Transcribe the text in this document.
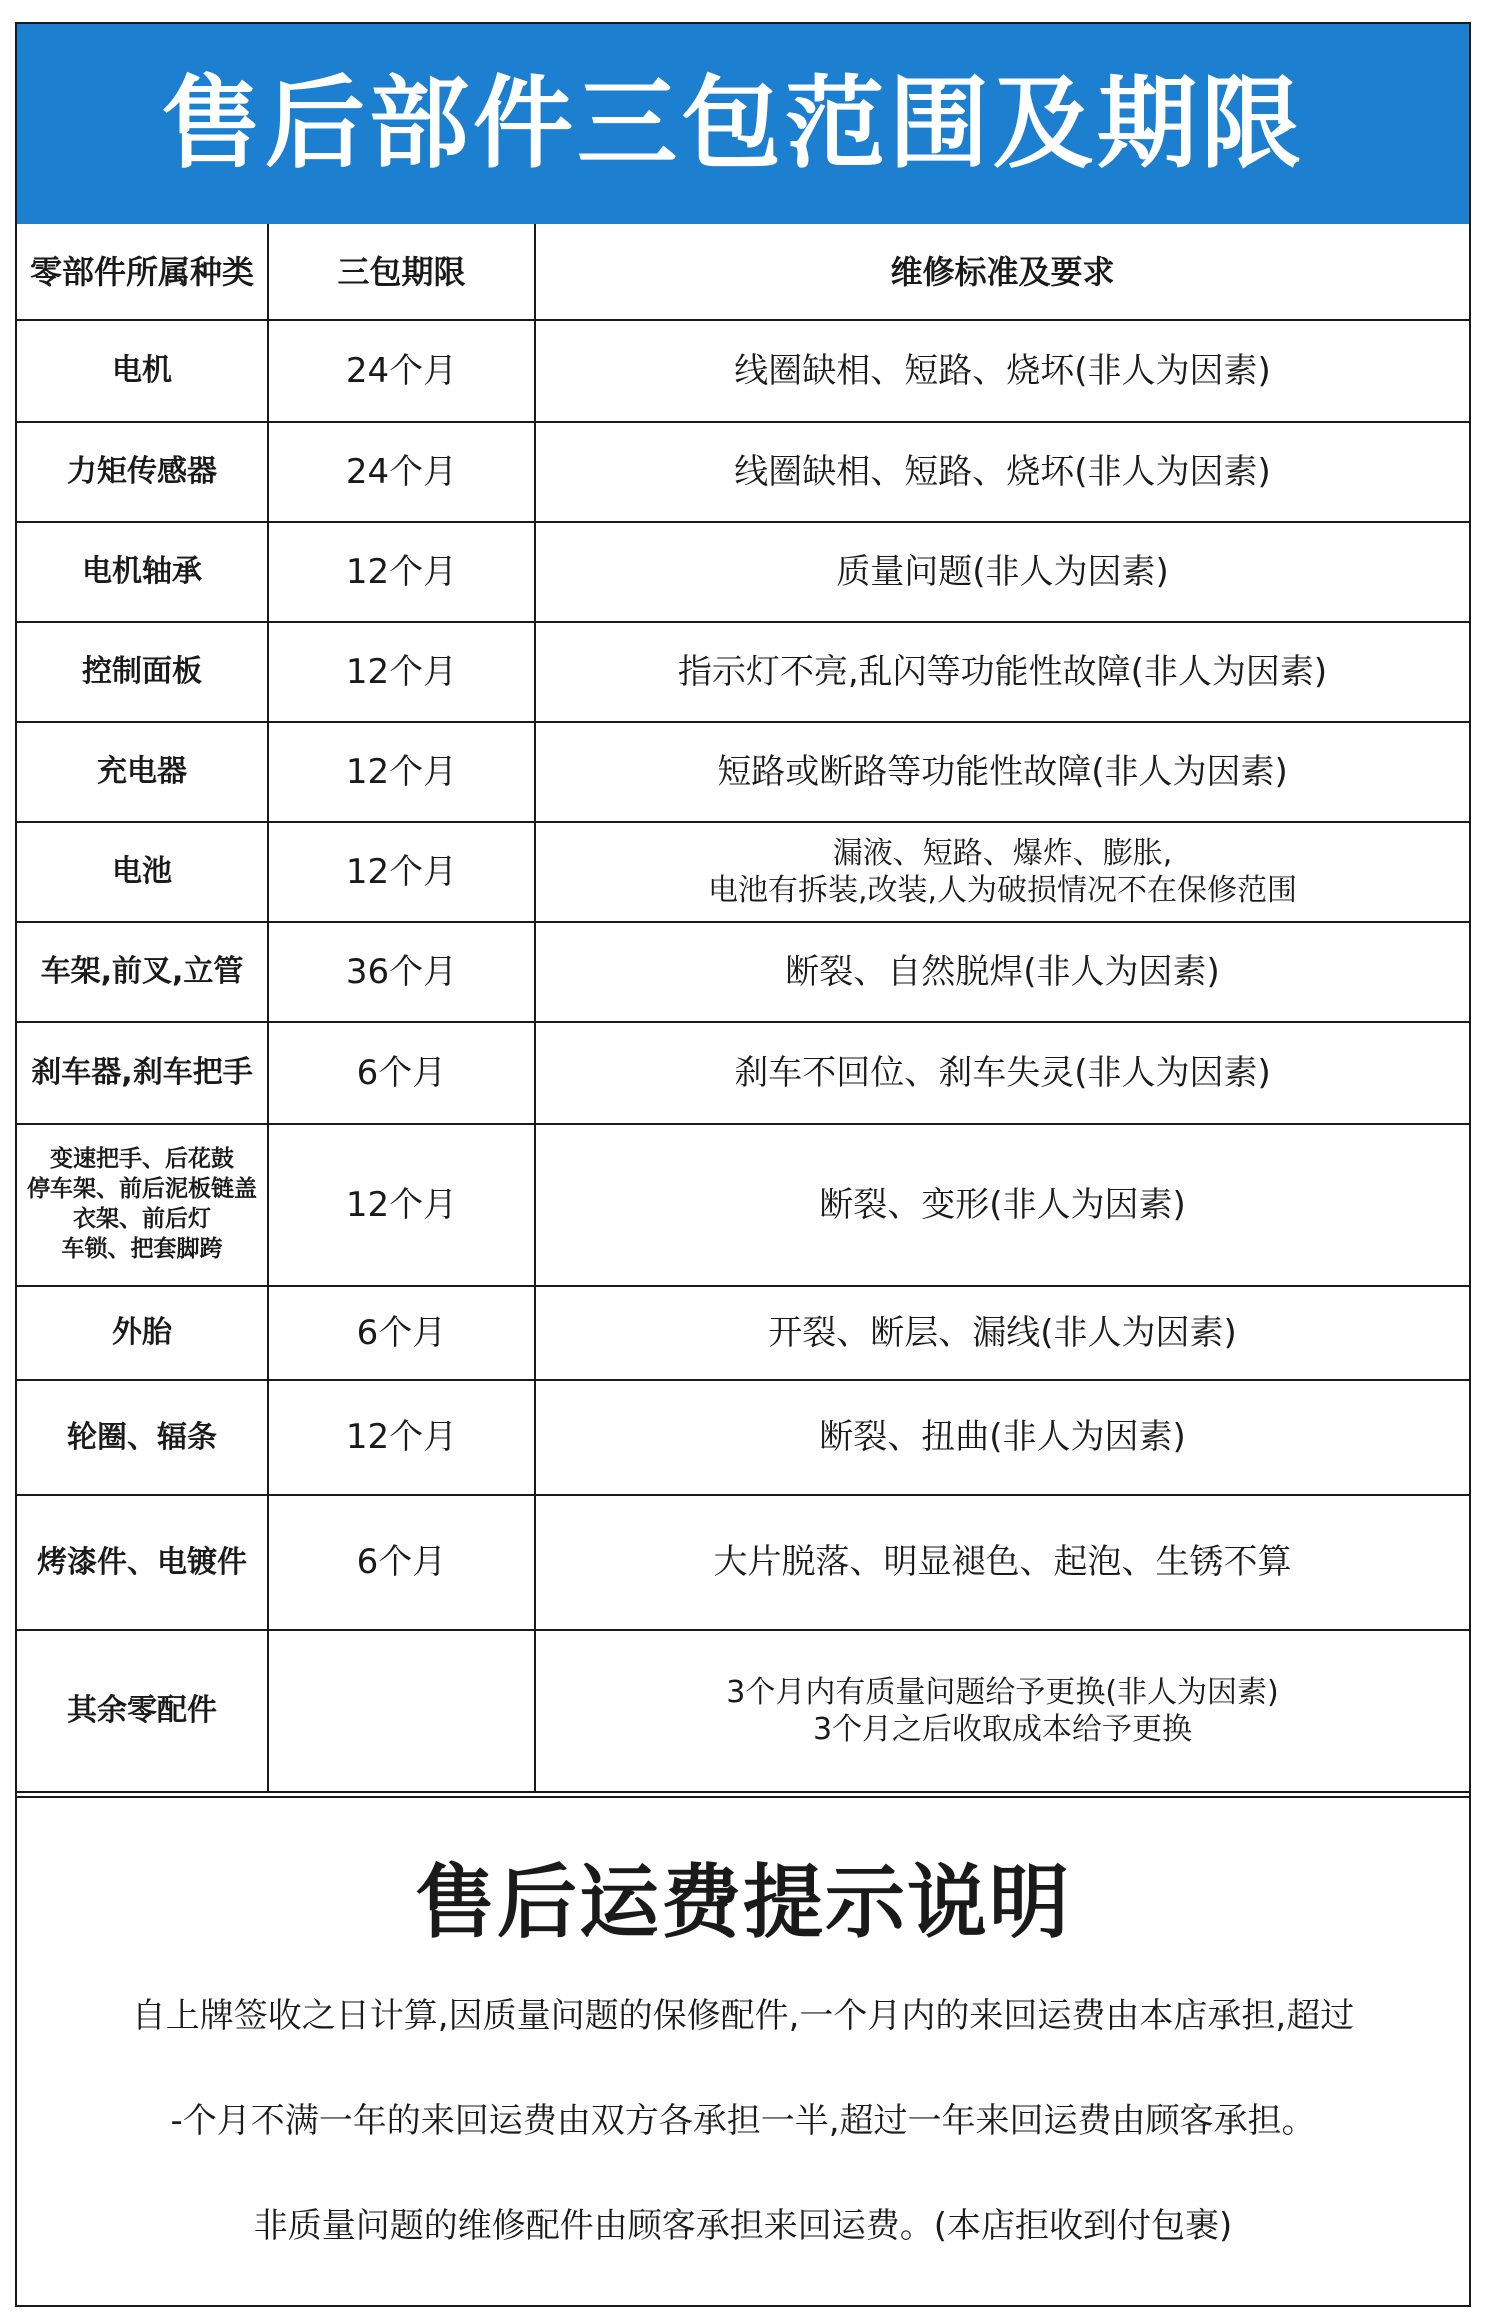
售后部件三包范围及期限
零部件所属种类	三包期限	维修标准及要求

电机	24个月	线圈缺相、短路、烧坏(非人为因素)

力矩传感器	24个月	线圈缺相、短路、烧坏(非人为因素)

电机轴承	12个月	质量问题(非人为因素)

控制面板	12个月	指示灯不亮,乱闪等功能性故障(非人为因素)

充电器	12个月	短路或断路等功能性故障(非人为因素)

电池	12个月	漏液、短路、爆炸、膨胀,
电池有拆装,改装,人为破损情况不在保修范围

车架,前叉,立管	36个月	断裂、自然脱焊(非人为因素)

刹车器,刹车把手	6个月	刹车不回位、刹车失灵(非人为因素)

变速把手、后花鼓
停车架、前后泥板链盖
衣架、前后灯
车锁、把套脚跨	12个月	断裂、变形(非人为因素)

外胎	6个月	开裂、断层、漏线(非人为因素)

轮圈、辐条	12个月	断裂、扭曲(非人为因素)

烤漆件、电镀件	6个月	大片脱落、明显褪色、起泡、生锈不算

其余零配件		3个月内有质量问题给予更换(非人为因素)
3个月之后收取成本给予更换
售后运费提示说明
自上牌签收之日计算,因质量问题的保修配件,一个月内的来回运费由本店承担,超过
-个月不满一年的来回运费由双方各承担一半,超过一年来回运费由顾客承担。
非质量问题的维修配件由顾客承担来回运费。(本店拒收到付包裹)
